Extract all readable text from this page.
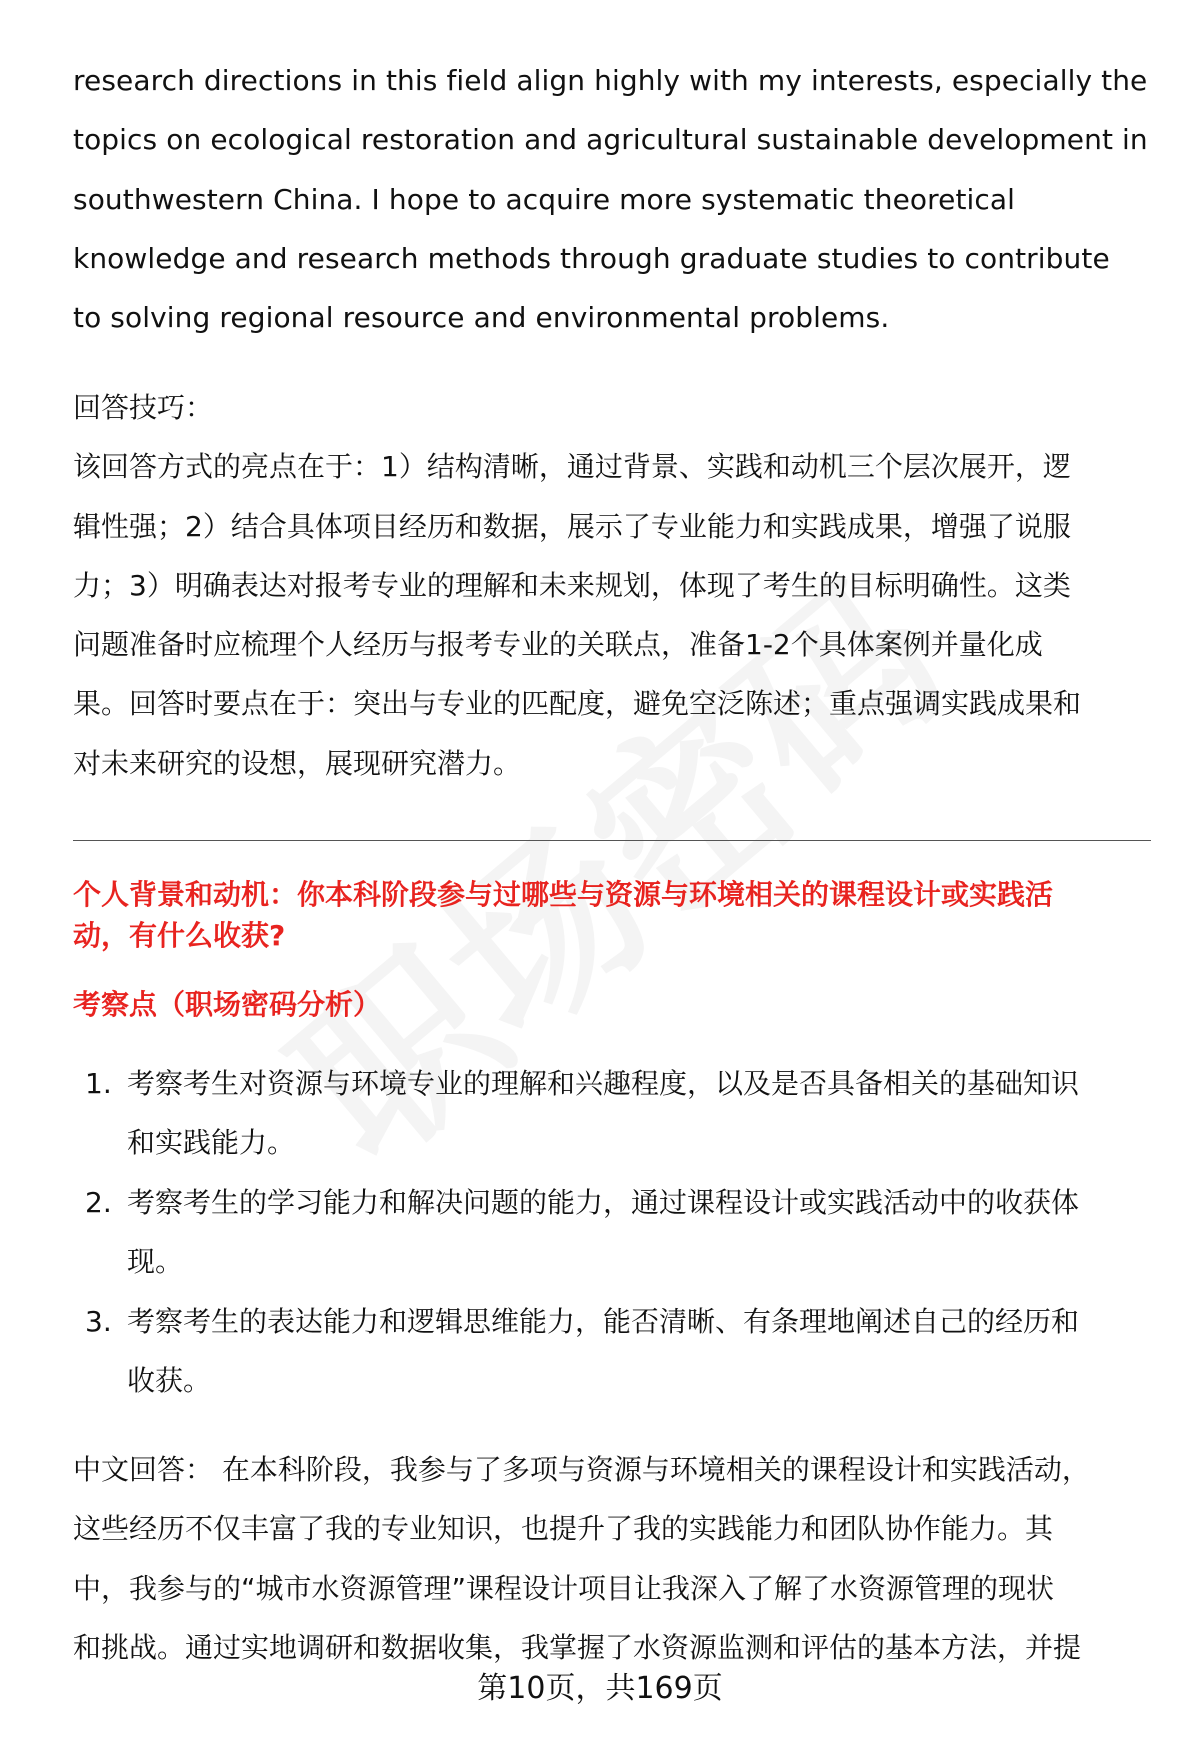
research directions in this field align highly with my interests, especially the
topics on ecological restoration and agricultural sustainable development in
southwestern China. I hope to acquire more systematic theoretical
knowledge and research methods through graduate studies to contribute
to solving regional resource and environmental problems.
回答技巧：
该回答方式的亮点在于：1）结构清晰，通过背景、实践和动机三个层次展开，逻
辑性强；2）结合具体项目经历和数据，展示了专业能力和实践成果，增强了说服
力；3）明确表达对报考专业的理解和未来规划，体现了考生的目标明确性。这类
问题准备时应梳理个人经历与报考专业的关联点，准备1-2个具体案例并量化成
果。回答时要点在于：突出与专业的匹配度，避免空泛陈述；重点强调实践成果和
对未来研究的设想，展现研究潜力。
个人背景和动机：你本科阶段参与过哪些与资源与环境相关的课程设计或实践活
动，有什么收获?
考察点（职场密码分析）
1. 考察考生对资源与环境专业的理解和兴趣程度，以及是否具备相关的基础知识
和实践能力。
2. 考察考生的学习能力和解决问题的能力，通过课程设计或实践活动中的收获体
现。
3. 考察考生的表达能力和逻辑思维能力，能否清晰、有条理地阐述自己的经历和
收获。
中文回答： 在本科阶段，我参与了多项与资源与环境相关的课程设计和实践活动，
这些经历不仅丰富了我的专业知识，也提升了我的实践能力和团队协作能力。其
中，我参与的“城市水资源管理”课程设计项目让我深入了解了水资源管理的现状
和挑战。通过实地调研和数据收集，我掌握了水资源监测和评估的基本方法，并提
第10页，共169页
